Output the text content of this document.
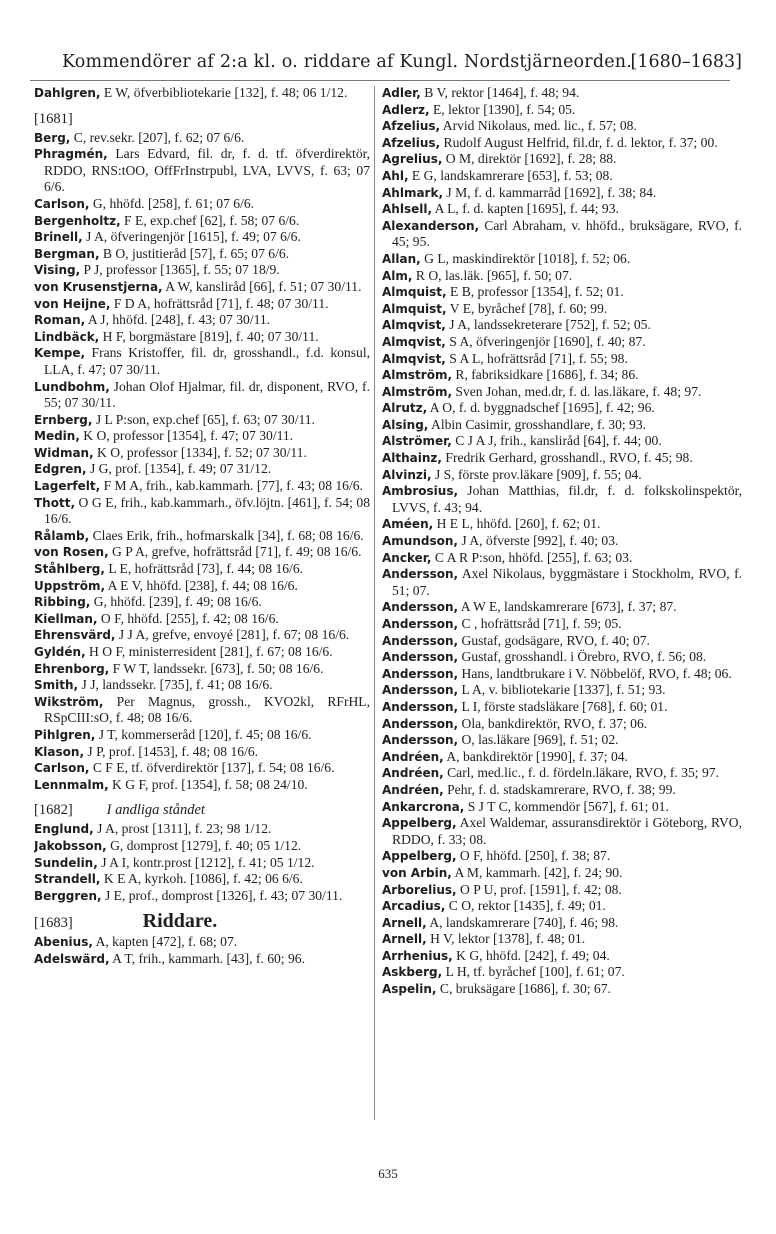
Kommendörer af 2:a kl. o. riddare af Kungl. Nordstjärneorden.
[1680–1683]

Dahlgren, E W, öfverbibliotekarie [132], f. 48; 06 1/12.

[1681]

Berg, C, rev.sekr. [207], f. 62; 07 6/6.

Phragmén, Lars Edvard, fil. dr, f. d. tf. öfverdirektör, RDDO, RNS:tOO, OffFrInstrpubl, LVA, LVVS, f. 63; 07 6/6.

Carlson, G, hhöfd. [258], f. 61; 07 6/6.

Bergenholtz, F E, exp.chef [62], f. 58; 07 6/6.

Brinell, J A, öfveringenjör [1615], f. 49; 07 6/6.

Bergman, B O, justitieråd [57], f. 65; 07 6/6.

Vising, P J, professor [1365], f. 55; 07 18/9.

von Krusenstjerna, A W, kansliråd [66], f. 51; 07 30/11.

von Heijne, F D A, hofrättsråd [71], f. 48; 07 30/11.

Roman, A J, hhöfd. [248], f. 43; 07 30/11.

Lindbäck, H F, borgmästare [819], f. 40; 07 30/11.

Kempe, Frans Kristoffer, fil. dr, grosshandl., f.d. konsul, LLA, f. 47; 07 30/11.

Lundbohm, Johan Olof Hjalmar, fil. dr, disponent, RVO, f. 55; 07 30/11.

Ernberg, J L P:son, exp.chef [65], f. 63; 07 30/11.

Medin, K O, professor [1354], f. 47; 07 30/11.

Widman, K O, professor [1334], f. 52; 07 30/11.

Edgren, J G, prof. [1354], f. 49; 07 31/12.

Lagerfelt, F M A, frih., kab.kammarh. [77], f. 43; 08 16/6.

Thott, O G E, frih., kab.kammarh., öfv.löjtn. [461], f. 54; 08 16/6.

Rålamb, Claes Erik, frih., hofmarskalk [34], f. 68; 08 16/6.

von Rosen, G P A, grefve, hofrättsråd [71], f. 49; 08 16/6.

Ståhlberg, L E, hofrättsråd [73], f. 44; 08 16/6.

Uppström, A E V, hhöfd. [238], f. 44; 08 16/6.

Ribbing, G, hhöfd. [239], f. 49; 08 16/6.

Kiellman, O F, hhöfd. [255], f. 42; 08 16/6.

Ehrensvärd, J J A, grefve, envoyé [281], f. 67; 08 16/6.

Gyldén, H O F, ministerresident [281], f. 67; 08 16/6.

Ehrenborg, F W T, landssekr. [673], f. 50; 08 16/6.

Smith, J J, landssekr. [735], f. 41; 08 16/6.

Wikström, Per Magnus, grossh., KVO2kl, RFrHL, RSpCIII:sO, f. 48; 08 16/6.

Pihlgren, J T, kommerseråd [120], f. 45; 08 16/6.

Klason, J P, prof. [1453], f. 48; 08 16/6.

Carlson, C F E, tf. öfverdirektör [137], f. 54; 08 16/6.

Lennmalm, K G F, prof. [1354], f. 58; 08 24/10.

[1682] I andliga ståndet

Englund, J A, prost [1311], f. 23; 98 1/12.

Jakobsson, G, domprost [1279], f. 40; 05 1/12.

Sundelin, J A I, kontr.prost [1212], f. 41; 05 1/12.

Strandell, K E A, kyrkoh. [1086], f. 42; 06 6/6.

Berggren, J E, prof., domprost [1326], f. 43; 07 30/11.

[1683]	Riddare.

Abenius, A, kapten [472], f. 68; 07.

Adelswärd, A T, frih., kammarh. [43], f. 60; 96.

Adler, B V, rektor [1464], f. 48; 94.

Adlerz, E, lektor [1390], f. 54; 05.

Afzelius, Arvid Nikolaus, med. lic., f. 57; 08.

Afzelius, Rudolf August Helfrid, fil.dr, f. d. lektor, f. 37; 00.

Agrelius, O M, direktör [1692], f. 28; 88.

Ahl, E G, landskamrerare [653], f. 53; 08.

Ahlmark, J M, f. d. kammarråd [1692], f. 38; 84.

Ahlsell, A L, f. d. kapten [1695], f. 44; 93.

Alexanderson, Carl Abraham, v. hhöfd., bruksägare, RVO, f. 45; 95.

Allan, G L, maskindirektör [1018], f. 52; 06.

Alm, R O, las.läk. [965], f. 50; 07.

Almquist, E B, professor [1354], f. 52; 01.

Almquist, V E, byråchef [78], f. 60; 99.

Almqvist, J A, landssekreterare [752], f. 52; 05.

Almqvist, S A, öfveringenjör [1690], f. 40; 87.

Almqvist, S A L, hofrättsråd [71], f. 55; 98.

Almström, R, fabriksidkare [1686], f. 34; 86.

Almström, Sven Johan, med.dr, f. d. las.läkare, f. 48; 97.

Alrutz, A O, f. d. byggnadschef [1695], f. 42; 96.

Alsing, Albin Casimir, grosshandlare, f. 30; 93.

Alströmer, C J A J, frih., kansliråd [64], f. 44; 00.

Althainz, Fredrik Gerhard, grosshandl., RVO, f. 45; 98.

Alvinzi, J S, förste prov.läkare [909], f. 55; 04.

Ambrosius, Johan Matthias, fil.dr, f. d. folkskolinspektör, LVVS, f. 43; 94.

Améen, H E L, hhöfd. [260], f. 62; 01.

Amundson, J A, öfverste [992], f. 40; 03.

Ancker, C A R P:son, hhöfd. [255], f. 63; 03.

Andersson, Axel Nikolaus, byggmästare i Stockholm, RVO, f. 51; 07.

Andersson, A W E, landskamrerare [673], f. 37; 87.

Andersson, C , hofrättsråd [71], f. 59; 05.

Andersson, Gustaf, godsägare, RVO, f. 40; 07.

Andersson, Gustaf, grosshandl. i Örebro, RVO, f. 56; 08.

Andersson, Hans, landtbrukare i V. Nöbbelöf, RVO, f. 48; 06.

Andersson, L A, v. bibliotekarie [1337], f. 51; 93.

Andersson, L I, förste stadsläkare [768], f. 60; 01.

Andersson, Ola, bankdirektör, RVO, f. 37; 06.

Andersson, O, las.läkare [969], f. 51; 02.

Andréen, A, bankdirektör [1990], f. 37; 04.

Andréen, Carl, med.lic., f. d. fördeln.läkare, RVO, f. 35; 97.

Andréen, Pehr, f. d. stadskamrerare, RVO, f. 38; 99.

Ankarcrona, S J T C, kommendör [567], f. 61; 01.

Appelberg, Axel Waldemar, assuransdirektör i Göteborg, RVO, RDDO, f. 33; 08.

Appelberg, O F, hhöfd. [250], f. 38; 87.

von Arbin, A M, kammarh. [42], f. 24; 90.

Arborelius, O P U, prof. [1591], f. 42; 08.

Arcadius, C O, rektor [1435], f. 49; 01.

Arnell, A, landskamrerare [740], f. 46; 98.

Arnell, H V, lektor [1378], f. 48; 01.

Arrhenius, K G, hhöfd. [242], f. 49; 04.

Askberg, L H, tf. byråchef [100], f. 61; 07.

Aspelin, C, bruksägare [1686], f. 30; 67.

635
